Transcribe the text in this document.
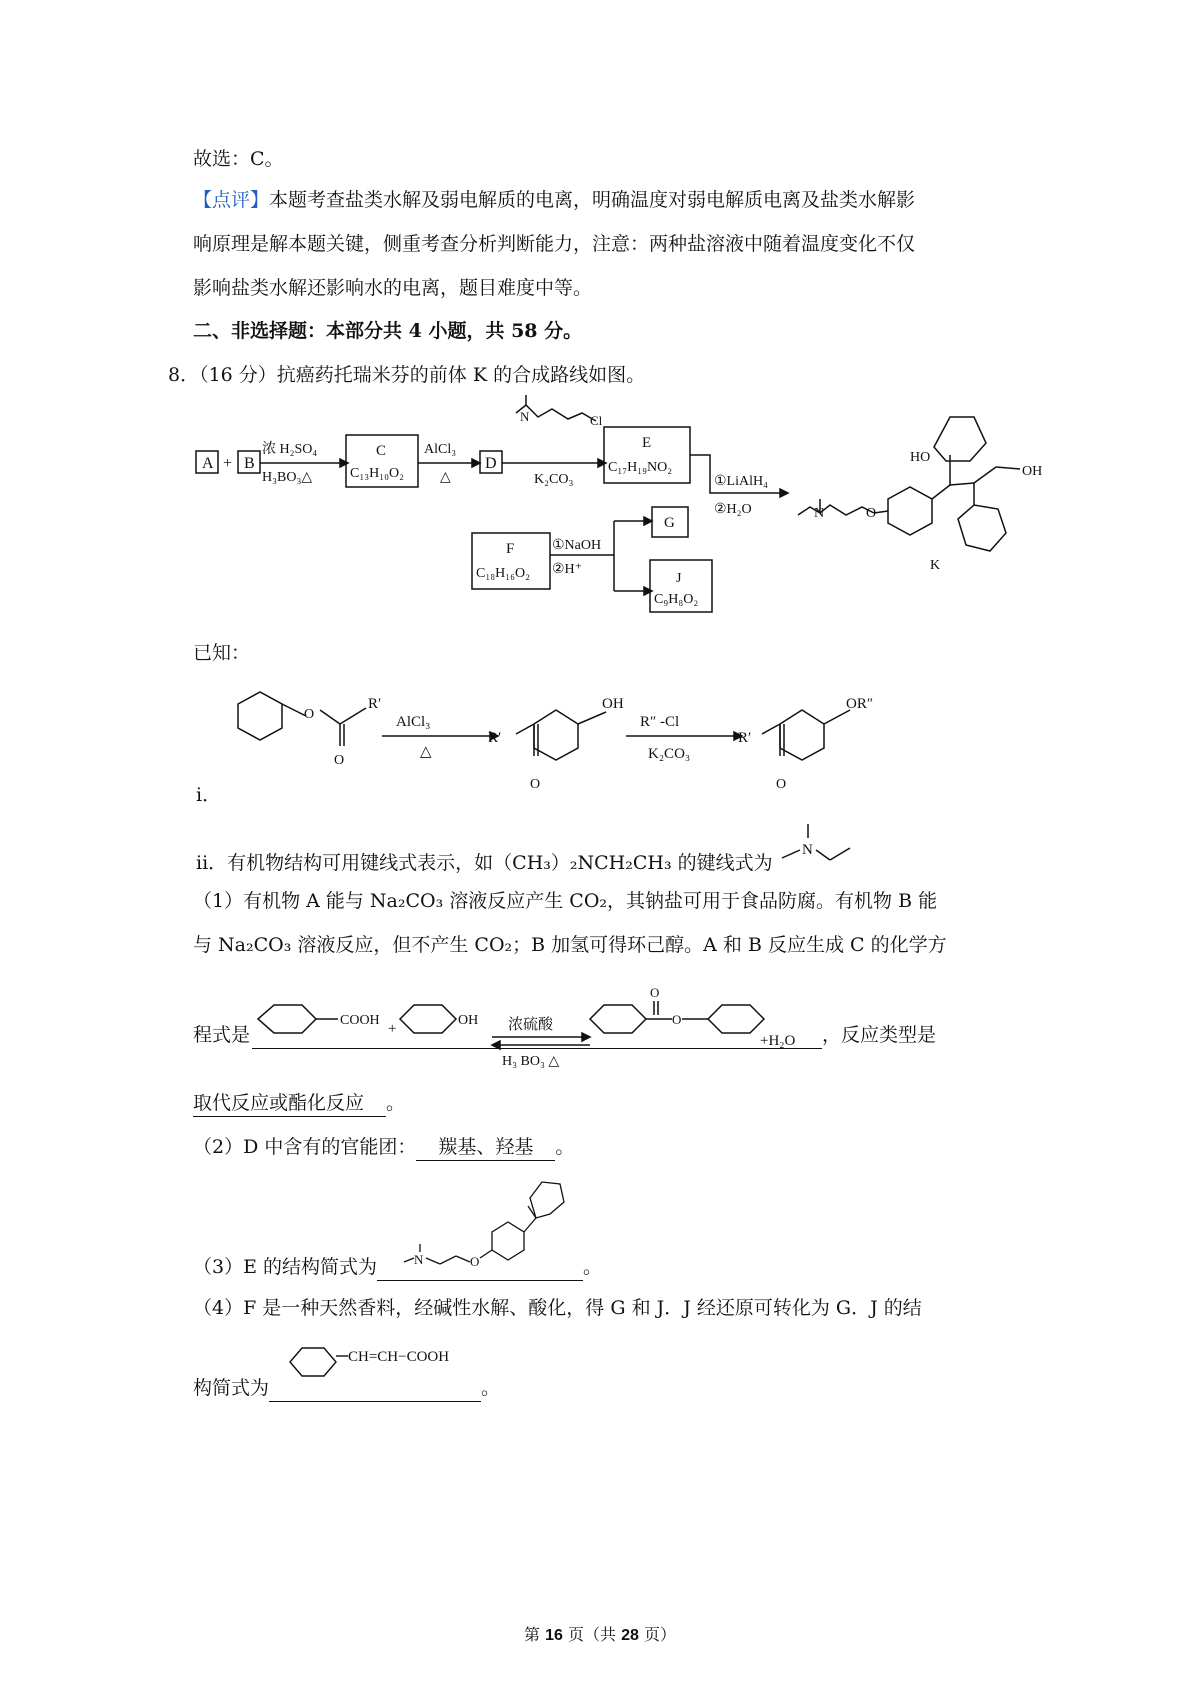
故选：C。
【点评】本题考查盐类水解及弱电解质的电离，明确温度对弱电解质电离及盐类水解影
响原理是解本题关键，侧重考查分析判断能力，注意：两种盐溶液中随着温度变化不仅
影响盐类水解还影响水的电离，题目难度中等。
二、非选择题：本部分共 4 小题，共 58 分。
8．（16 分）抗癌药托瑞米芬的前体 K 的合成路线如图。
A + B
浓 H₂SO₄
H₃BO₃△
C
C₁₃H₁₀O₂
AlCl₃
△
D
N	Cl
K₂CO₃
E
C₁₇H₁₉NO₂
①LiAlH₄
②H₂O
F
C₁₈H₁₆O₂
①NaOH
②H⁺
G
J
C₉H₈O₂
N	O
HO
OH
K
已知：
O
R′
O
AlCl₃
△
R′
O
OH
R″ -Cl
K₂CO₃
R′
O
OR″
i．
ii．有机物结构可用键线式表示，如（CH₃）₂NCH₂CH₃ 的键线式为
N
（1）有机物 A 能与 Na₂CO₃ 溶液反应产生 CO₂，其钠盐可用于食品防腐。有机物 B 能
与 Na₂CO₃ 溶液反应，但不产生 CO₂；B 加氢可得环己醇。A 和 B 反应生成 C 的化学方
程式是
COOH
+
OH 浓硫酸
H₃ BO₃ △
O
O
+H₂O ，反应类型是
取代反应或酯化反应 。
（2）D 中含有的官能团： 羰基、羟基 。
N	O
（3）E 的结构简式为	。
（4）F 是一种天然香料，经碱性水解、酸化，得 G 和 J．J 经还原可转化为 G．J 的结
CH=CH−COOH
构简式为	。
第 16 页（共 28 页）
